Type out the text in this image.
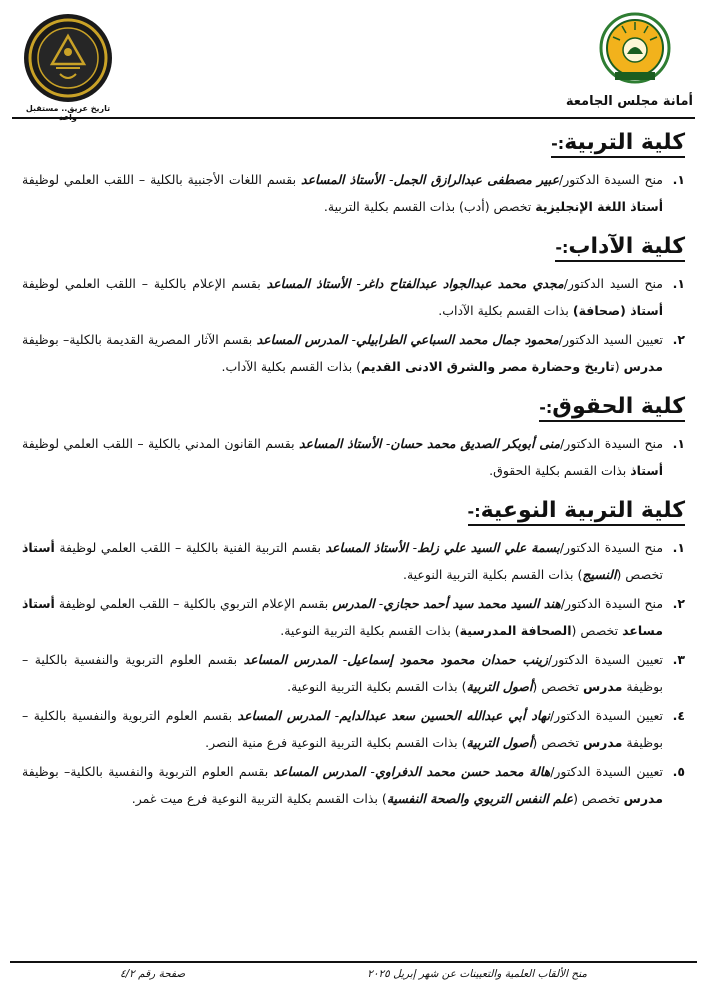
أمانة مجلس الجامعة
تاريخ عريق.. مستقبل واعد
كلية التربية:-
١.
منح السيدة الدكتور/عبير مصطفى عبدالرازق الجمل- الأستاذ المساعد بقسم اللغات الأجنبية بالكلية – اللقب العلمي لوظيفة أستاذ اللغة الإنجليزية تخصص (أدب) بذات القسم بكلية التربية.
كلية الآداب:-
١.
منح السيد الدكتور/مجدي محمد عبدالجواد عبدالفتاح داغر- الأستاذ المساعد بقسم الإعلام بالكلية – اللقب العلمي لوظيفة أستاذ (صحافة) بذات القسم بكلية الآداب.
٢.
تعيين السيد الدكتور/محمود جمال محمد السباعي الطرابيلي- المدرس المساعد بقسم الآثار المصرية القديمة بالكلية– بوظيفة مدرس (تاريخ وحضارة مصر والشرق الادنى القديم) بذات القسم بكلية الآداب.
كلية الحقوق:-
١.
منح السيدة الدكتور/منى أبوبكر الصديق محمد حسان- الأستاذ المساعد بقسم القانون المدني بالكلية – اللقب العلمي لوظيفة أستاذ بذات القسم بكلية الحقوق.
كلية التربية النوعية:-
١.
منح السيدة الدكتور/بسمة علي السيد علي زلط- الأستاذ المساعد بقسم التربية الفنية بالكلية – اللقب العلمي لوظيفة أستاذ تخصص (النسيج) بذات القسم بكلية التربية النوعية.
٢.
منح السيدة الدكتور/هند السيد محمد سيد أحمد حجازي- المدرس بقسم الإعلام التربوي بالكلية – اللقب العلمي لوظيفة أستاذ مساعد تخصص (الصحافة المدرسية) بذات القسم بكلية التربية النوعية.
٣.
تعيين السيدة الدكتور/زينب حمدان محمود محمود إسماعيل- المدرس المساعد بقسم العلوم التربوية والنفسية بالكلية – بوظيفة مدرس تخصص (أصول التربية) بذات القسم بكلية التربية النوعية.
٤.
تعيين السيدة الدكتور/نهاد أبي عبدالله الحسين سعد عبدالدايم- المدرس المساعد بقسم العلوم التربوية والنفسية بالكلية – بوظيفة مدرس تخصص (أصول التربية) بذات القسم بكلية التربية النوعية فرع منية النصر.
٥.
تعيين السيدة الدكتور/هالة محمد حسن محمد الدفراوي- المدرس المساعد بقسم العلوم التربوية والنفسية بالكلية– بوظيفة مدرس تخصص (علم النفس التربوي والصحة النفسية) بذات القسم بكلية التربية النوعية فرع ميت غمر.
منح الألقاب العلمية والتعيينات عن شهر إبريل ٢٠٢٥
صفحة رقم ٤/٢
